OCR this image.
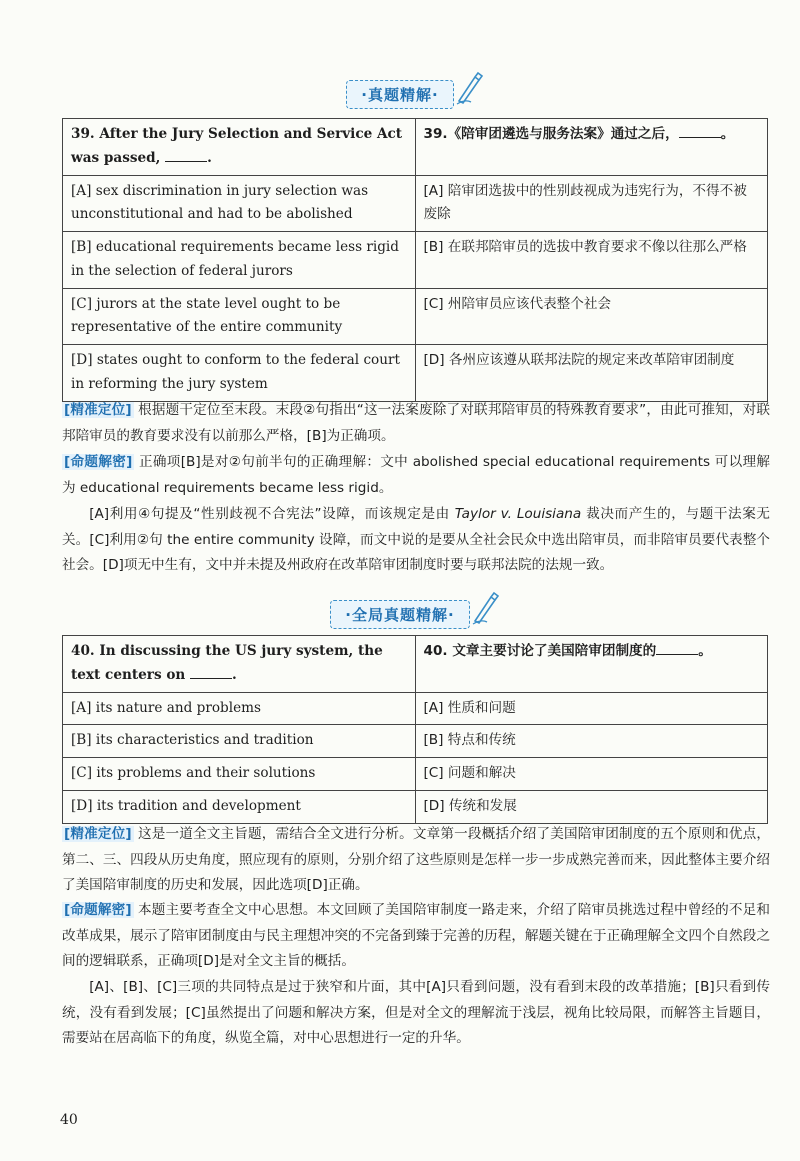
·真题精解·
39. After the Jury Selection and Service Act was passed, .	39.《陪审团遴选与服务法案》通过之后， 。
[A] sex discrimination in jury selection was unconstitutional and had to be abolished	[A] 陪审团选拔中的性别歧视成为违宪行为，不得不被废除
[B] educational requirements became less rigid in the selection of federal jurors	[B] 在联邦陪审员的选拔中教育要求不像以往那么严格
[C] jurors at the state level ought to be representative of the entire community	[C] 州陪审员应该代表整个社会
[D] states ought to conform to the federal court in reforming the jury system	[D] 各州应该遵从联邦法院的规定来改革陪审团制度
[精准定位] 根据题干定位至末段。末段②句指出“这一法案废除了对联邦陪审员的特殊教育要求”，由此可推知，对联邦陪审员的教育要求没有以前那么严格，[B]为正确项。
[命题解密] 正确项[B]是对②句前半句的正确理解：文中 abolished special educational requirements 可以理解为 educational requirements became less rigid。
[A]利用④句提及“性别歧视不合宪法”设障，而该规定是由 Taylor v. Louisiana 裁决而产生的，与题干法案无关。[C]利用②句 the entire community 设障，而文中说的是要从全社会民众中选出陪审员，而非陪审员要代表整个社会。[D]项无中生有，文中并未提及州政府在改革陪审团制度时要与联邦法院的法规一致。
·全局真题精解·
40. In discussing the US jury system, the text centers on .	40. 文章主要讨论了美国陪审团制度的 。
[A] its nature and problems	[A] 性质和问题
[B] its characteristics and tradition	[B] 特点和传统
[C] its problems and their solutions	[C] 问题和解决
[D] its tradition and development	[D] 传统和发展
[精准定位] 这是一道全文主旨题，需结合全文进行分析。文章第一段概括介绍了美国陪审团制度的五个原则和优点，第二、三、四段从历史角度，照应现有的原则，分别介绍了这些原则是怎样一步一步成熟完善而来，因此整体主要介绍了美国陪审制度的历史和发展，因此选项[D]正确。
[命题解密] 本题主要考查全文中心思想。本文回顾了美国陪审制度一路走来，介绍了陪审员挑选过程中曾经的不足和改革成果，展示了陪审团制度由与民主理想冲突的不完备到臻于完善的历程，解题关键在于正确理解全文四个自然段之间的逻辑联系，正确项[D]是对全文主旨的概括。
[A]、[B]、[C]三项的共同特点是过于狭窄和片面，其中[A]只看到问题，没有看到末段的改革措施；[B]只看到传统，没有看到发展；[C]虽然提出了问题和解决方案，但是对全文的理解流于浅层，视角比较局限，而解答主旨题目，需要站在居高临下的角度，纵览全篇，对中心思想进行一定的升华。
40
